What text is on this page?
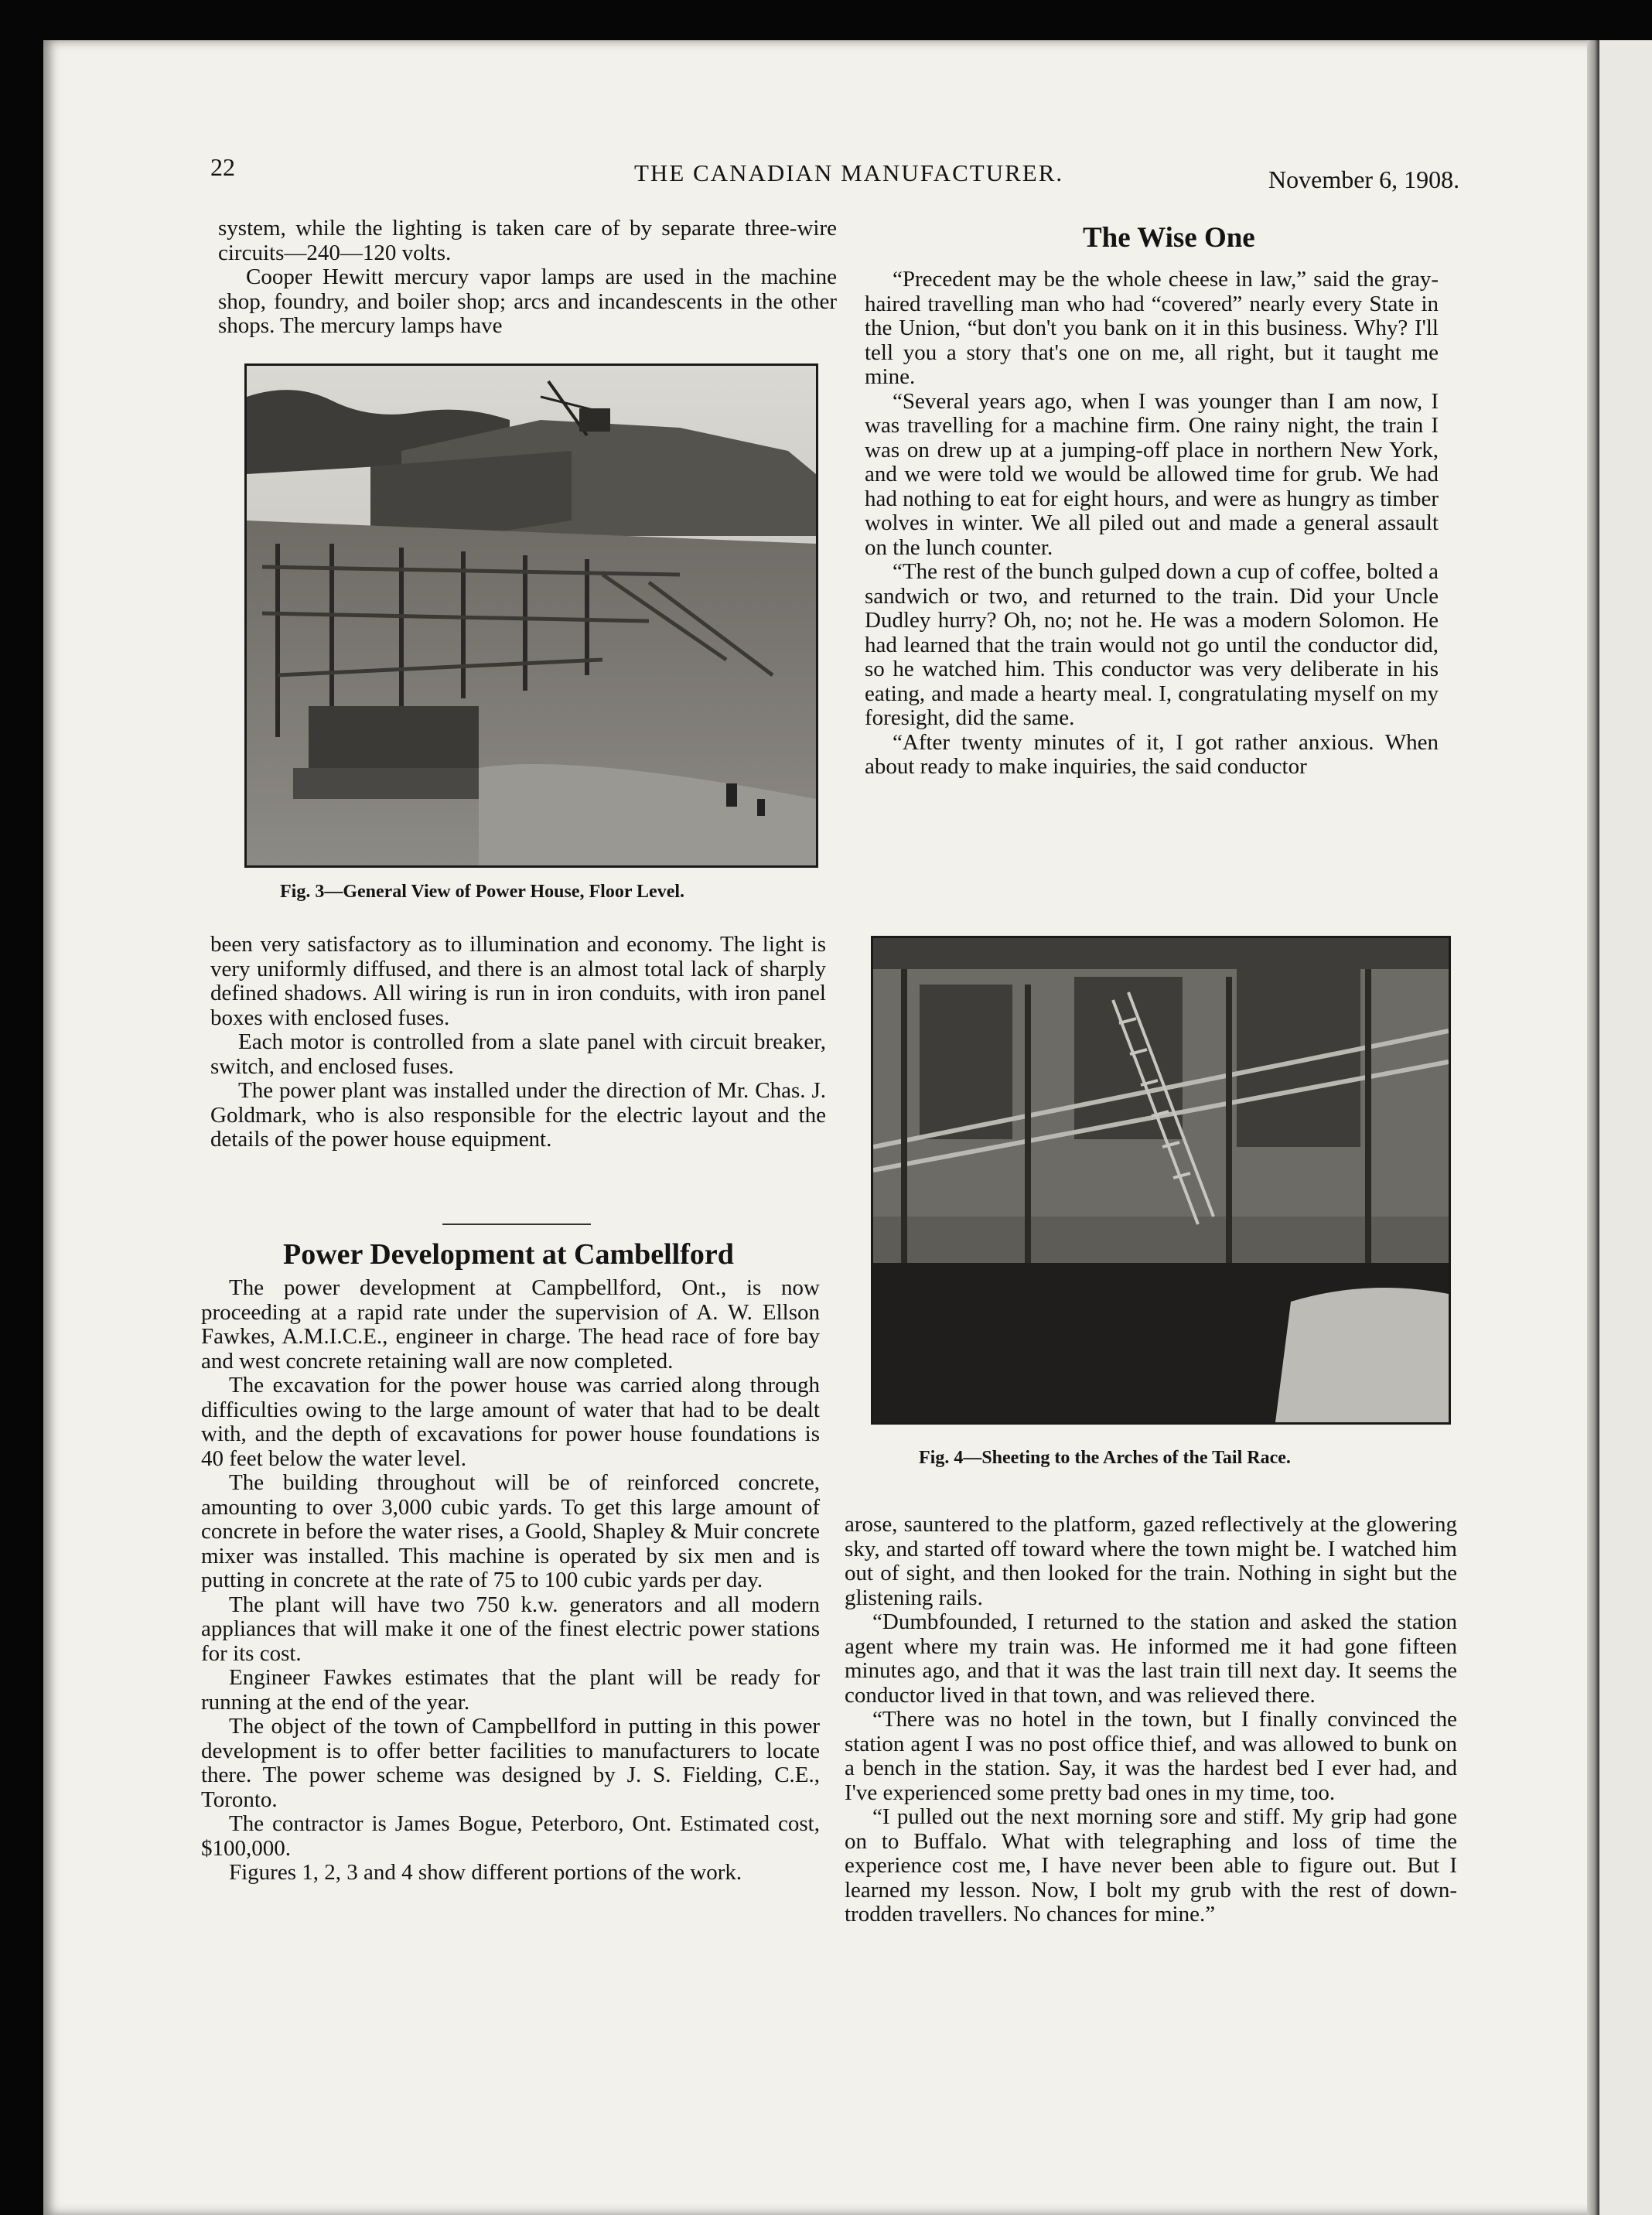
22	THE CANADIAN MANUFACTURER.	November 6, 1908.

system, while the lighting is taken care of by separate three-wire circuits—240—120 volts.

Cooper Hewitt mercury vapor lamps are used in the machine shop, foundry, and boiler shop; arcs and incandescents in the other shops. The mercury lamps have

Fig. 3—General View of Power House, Floor Level.

been very satisfactory as to illumination and economy. The light is very uniformly diffused, and there is an almost total lack of sharply defined shadows. All wiring is run in iron conduits, with iron panel boxes with enclosed fuses.

Each motor is controlled from a slate panel with circuit breaker, switch, and enclosed fuses.

The power plant was installed under the direction of Mr. Chas. J. Goldmark, who is also responsible for the electric layout and the details of the power house equipment.

Power Development at Cambellford

The power development at Campbellford, Ont., is now proceeding at a rapid rate under the supervision of A. W. Ellson Fawkes, A.M.I.C.E., engineer in charge. The head race of fore bay and west concrete retaining wall are now completed.

The excavation for the power house was carried along through difficulties owing to the large amount of water that had to be dealt with, and the depth of excavations for power house foundations is 40 feet below the water level.

The building throughout will be of reinforced concrete, amounting to over 3,000 cubic yards. To get this large amount of concrete in before the water rises, a Goold, Shapley & Muir concrete mixer was installed. This machine is operated by six men and is putting in concrete at the rate of 75 to 100 cubic yards per day.

The plant will have two 750 k.w. generators and all modern appliances that will make it one of the finest electric power stations for its cost.

Engineer Fawkes estimates that the plant will be ready for running at the end of the year.

The object of the town of Campbellford in putting in this power development is to offer better facilities to manufacturers to locate there. The power scheme was designed by J. S. Fielding, C.E., Toronto.

The contractor is James Bogue, Peterboro, Ont. Estimated cost, $100,000.

Figures 1, 2, 3 and 4 show different portions of the work.

The Wise One

“Precedent may be the whole cheese in law,” said the gray-haired travelling man who had “covered” nearly every State in the Union, “but don't you bank on it in this business. Why? I'll tell you a story that's one on me, all right, but it taught me mine.

“Several years ago, when I was younger than I am now, I was travelling for a machine firm. One rainy night, the train I was on drew up at a jumping-off place in northern New York, and we were told we would be allowed time for grub. We had had nothing to eat for eight hours, and were as hungry as timber wolves in winter. We all piled out and made a general assault on the lunch counter.

“The rest of the bunch gulped down a cup of coffee, bolted a sandwich or two, and returned to the train. Did your Uncle Dudley hurry? Oh, no; not he. He was a modern Solomon. He had learned that the train would not go until the conductor did, so he watched him. This conductor was very deliberate in his eating, and made a hearty meal. I, congratulating myself on my foresight, did the same.

“After twenty minutes of it, I got rather anxious. When about ready to make inquiries, the said conductor

Fig. 4—Sheeting to the Arches of the Tail Race.

arose, sauntered to the platform, gazed reflectively at the glowering sky, and started off toward where the town might be. I watched him out of sight, and then looked for the train. Nothing in sight but the glistening rails.

“Dumbfounded, I returned to the station and asked the station agent where my train was. He informed me it had gone fifteen minutes ago, and that it was the last train till next day. It seems the conductor lived in that town, and was relieved there.

“There was no hotel in the town, but I finally convinced the station agent I was no post office thief, and was allowed to bunk on a bench in the station. Say, it was the hardest bed I ever had, and I've experienced some pretty bad ones in my time, too.

“I pulled out the next morning sore and stiff. My grip had gone on to Buffalo. What with telegraphing and loss of time the experience cost me, I have never been able to figure out. But I learned my lesson. Now, I bolt my grub with the rest of down-trodden travellers. No chances for mine.”
